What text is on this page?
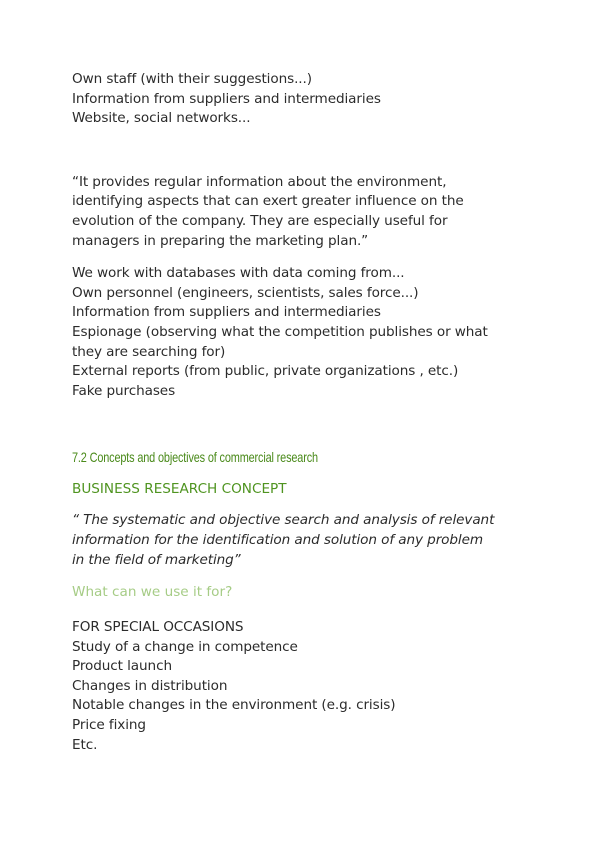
Own staff (with their suggestions...)
Information from suppliers and intermediaries
Website, social networks...
“It provides regular information about the environment,
identifying aspects that can exert greater influence on the
evolution of the company. They are especially useful for
managers in preparing the marketing plan.”
We work with databases with data coming from...
Own personnel (engineers, scientists, sales force...)
Information from suppliers and intermediaries
Espionage (observing what the competition publishes or what
they are searching for)
External reports (from public, private organizations , etc.)
Fake purchases
7.2 Concepts and objectives of commercial research
BUSINESS RESEARCH CONCEPT
“ The systematic and objective search and analysis of relevant
information for the identification and solution of any problem
in the field of marketing”
What can we use it for?
FOR SPECIAL OCCASIONS
Study of a change in competence
Product launch
Changes in distribution
Notable changes in the environment (e.g. crisis)
Price fixing
Etc.
